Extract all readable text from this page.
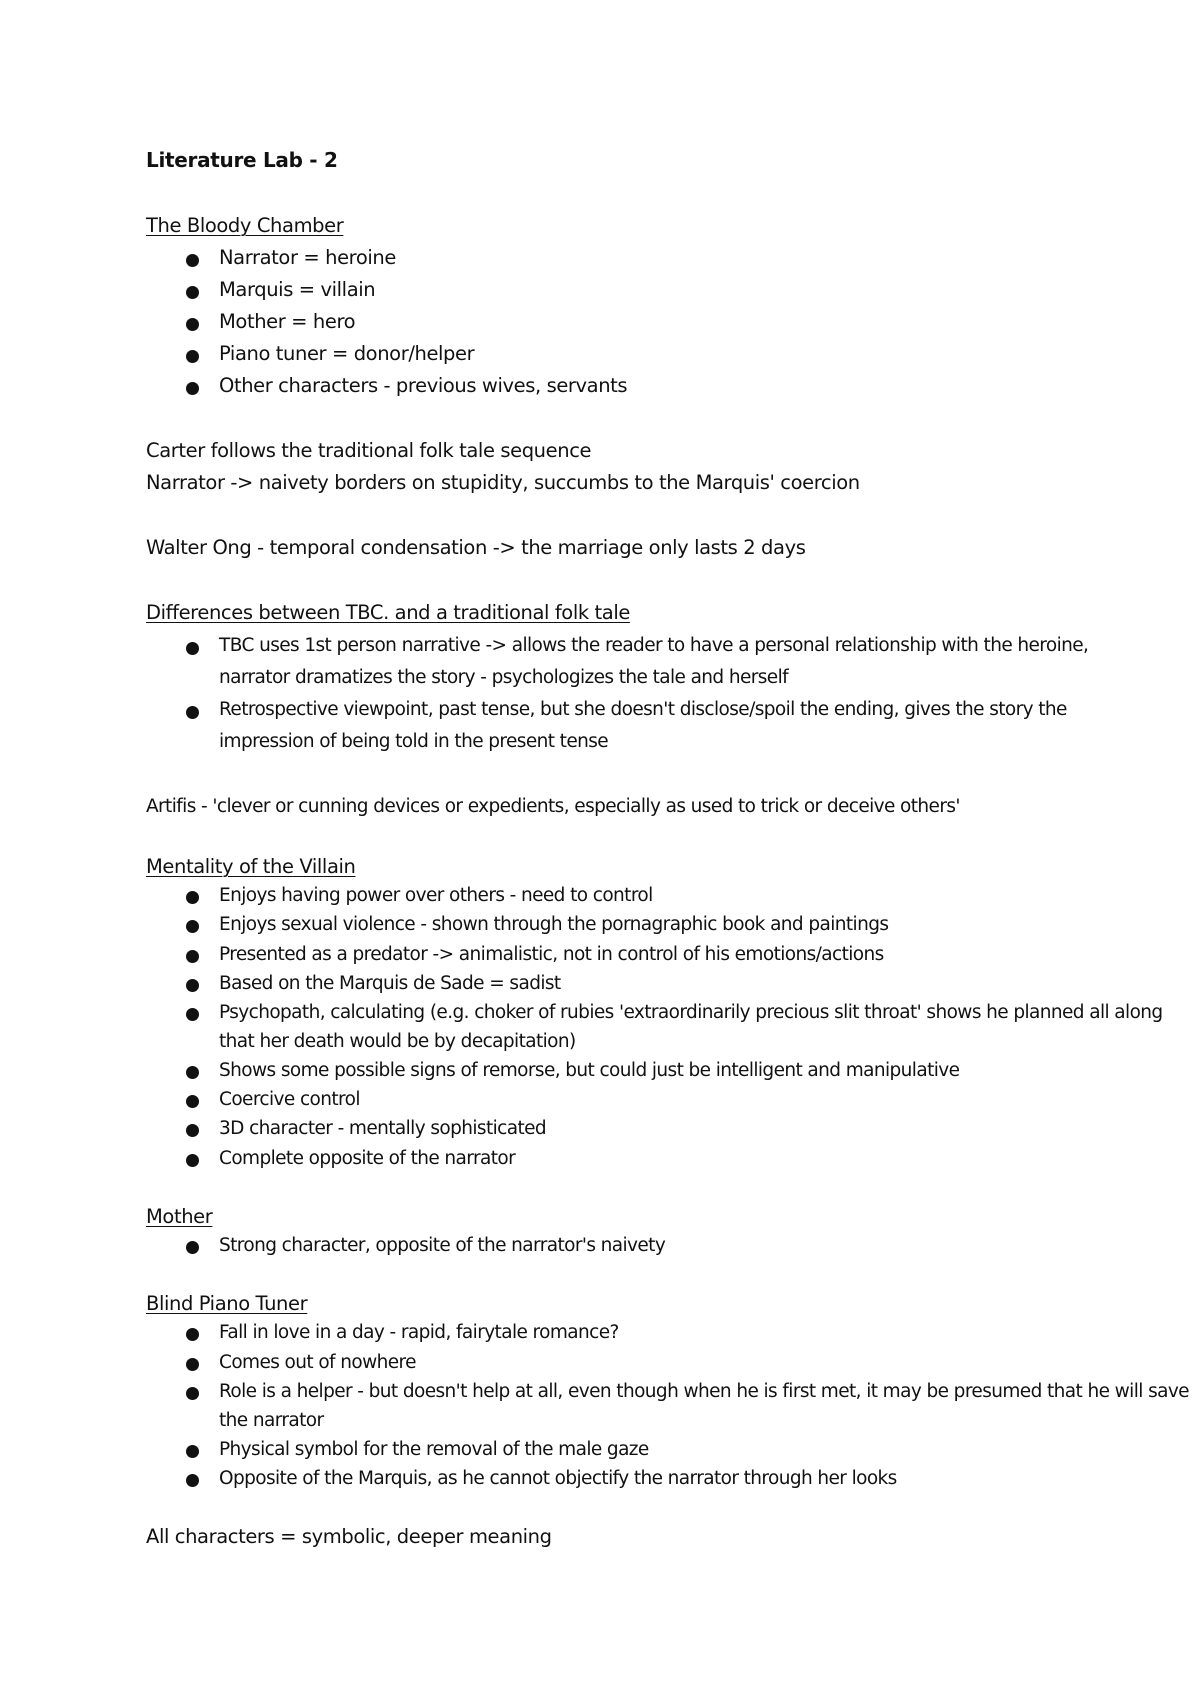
Literature Lab - 2
The Bloody Chamber
Narrator = heroine
Marquis = villain
Mother = hero
Piano tuner = donor/helper
Other characters - previous wives, servants
Carter follows the traditional folk tale sequence
Narrator -> naivety borders on stupidity, succumbs to the Marquis' coercion
Walter Ong - temporal condensation -> the marriage only lasts 2 days
Differences between TBC. and a traditional folk tale
TBC uses 1st person narrative -> allows the reader to have a personal relationship with the heroine,
narrator dramatizes the story - psychologizes the tale and herself
Retrospective viewpoint, past tense, but she doesn't disclose/spoil the ending, gives the story the
impression of being told in the present tense
Artifis - 'clever or cunning devices or expedients, especially as used to trick or deceive others'
Mentality of the Villain
Enjoys having power over others - need to control
Enjoys sexual violence - shown through the pornagraphic book and paintings
Presented as a predator -> animalistic, not in control of his emotions/actions
Based on the Marquis de Sade = sadist
Psychopath, calculating (e.g. choker of rubies 'extraordinarily precious slit throat' shows he planned all along
that her death would be by decapitation)
Shows some possible signs of remorse, but could just be intelligent and manipulative
Coercive control
3D character - mentally sophisticated
Complete opposite of the narrator
Mother
Strong character, opposite of the narrator's naivety
Blind Piano Tuner
Fall in love in a day - rapid, fairytale romance?
Comes out of nowhere
Role is a helper - but doesn't help at all, even though when he is first met, it may be presumed that he will save
the narrator
Physical symbol for the removal of the male gaze
Opposite of the Marquis, as he cannot objectify the narrator through her looks
All characters = symbolic, deeper meaning
